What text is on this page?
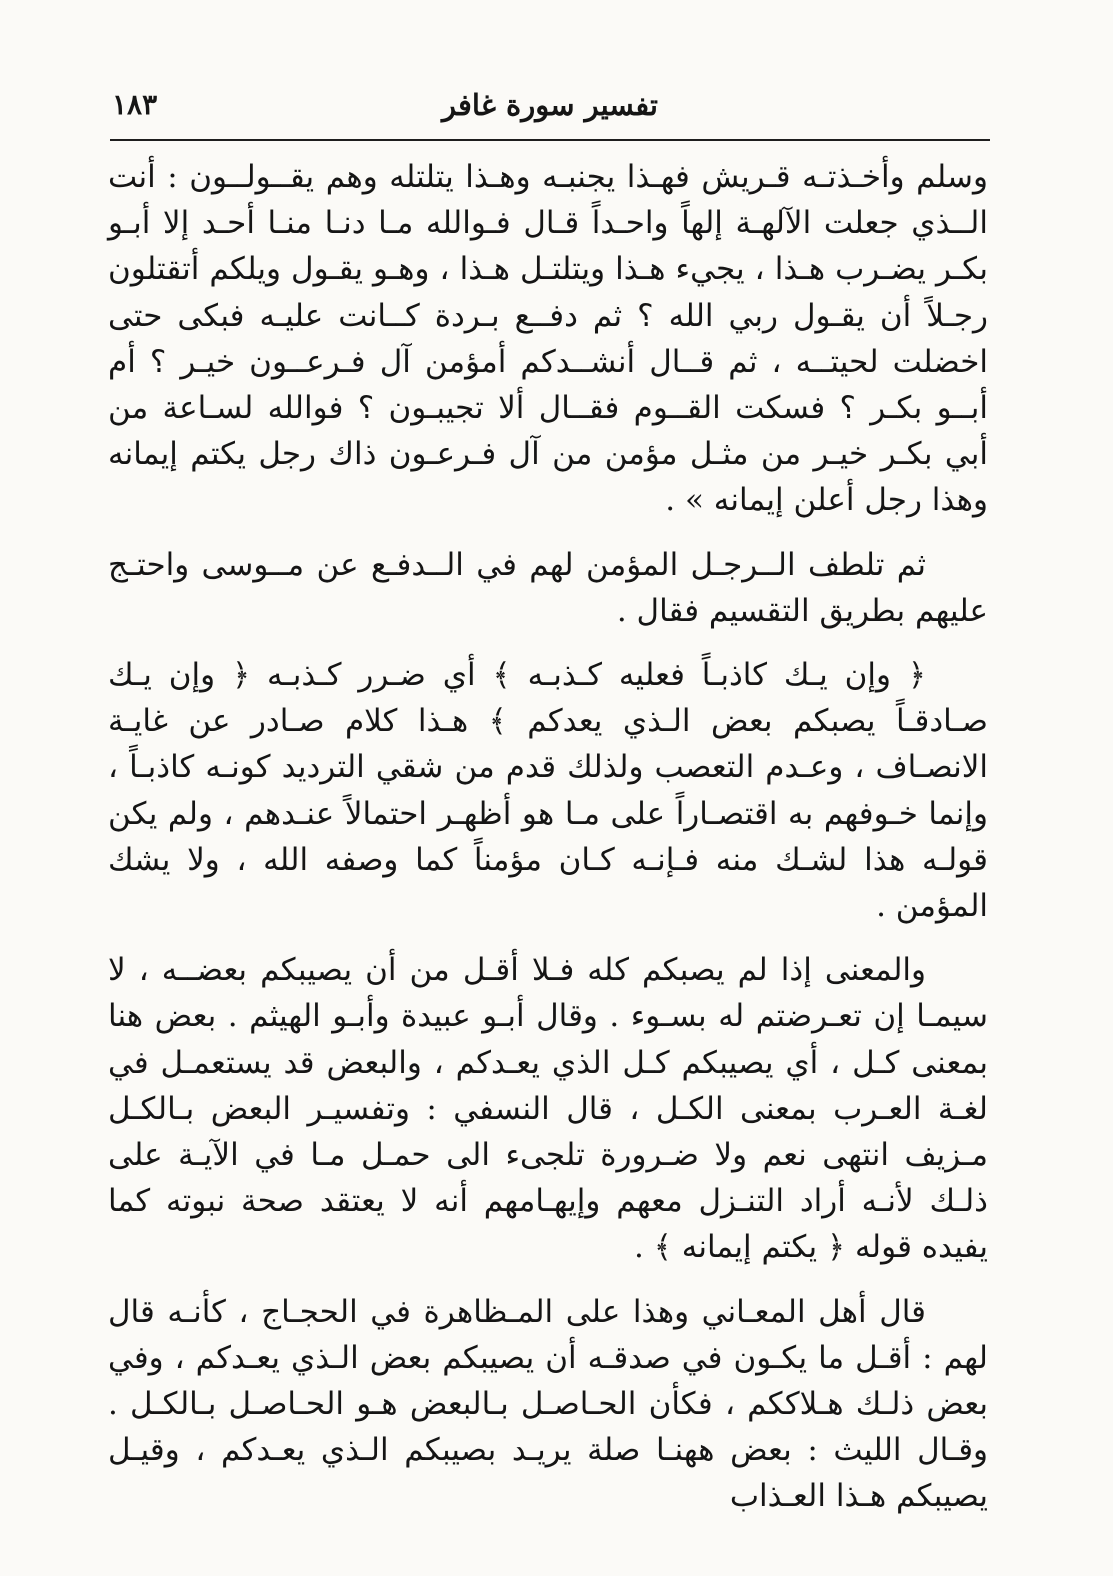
١٨٣	تفسير سورة غافر

وسلم وأخـذتـه قـريش فهـذا يجنبـه وهـذا يتلتله وهم يقــولــون : أنت الــذي جعلت الآلهـة إلهاً واحـداً قـال فـوالله مـا دنـا منـا أحـد إلا أبـو بكـر يضـرب هـذا ، يجيء هـذا ويتلتـل هـذا ، وهـو يقـول ويلكم أتقتلون رجـلاً أن يقـول ربي الله ؟ ثم دفــع بـردة كــانت عليـه فبكى حتى اخضلت لحيتــه ، ثم قــال أنشــدكم أمؤمن آل فـرعــون خيـر ؟ أم أبــو بكـر ؟ فسكت القــوم فقــال ألا تجيبـون ؟ فوالله لسـاعة من أبي بكـر خيـر من مثـل مؤمن من آل فـرعـون ذاك رجل يكتم إيمانه وهذا رجل أعلن إيمانه » .

ثم تلطف الــرجـل المؤمن لهم في الــدفـع عن مــوسى واحتـج عليهم بطريق التقسيم فقال .

﴿ وإن يـك كاذبـاً فعليه كـذبـه ﴾ أي ضـرر كـذبـه ﴿ وإن يـك صـادقـاً يصبكم بعض الـذي يعدكم ﴾ هـذا كلام صـادر عن غايـة الانصـاف ، وعـدم التعصب ولذلك قدم من شقي الترديد كونـه كاذبـاً ، وإنما خـوفهم به اقتصـاراً على مـا هو أظهـر احتمالاً عنـدهم ، ولم يكن قولـه هذا لشـك منه فـإنـه كـان مؤمناً كما وصفه الله ، ولا يشك المؤمن .

والمعنى إذا لم يصبكم كله فـلا أقـل من أن يصيبكم بعضــه ، لا سيمـا إن تعـرضتم له بسـوء . وقال أبـو عبيدة وأبـو الهيثم . بعض هنا بمعنى كـل ، أي يصيبكم كـل الذي يعـدكم ، والبعض قد يستعمـل في لغـة العـرب بمعنى الكـل ، قال النسفي : وتفسيـر البعض بـالكـل مـزيف انتهى نعم ولا ضـرورة تلجىء الى حمـل مـا في الآيـة على ذلـك لأنـه أراد التنـزل معهم وإيهـامهم أنه لا يعتقد صحة نبوته كما يفيده قوله ﴿ يكتم إيمانه ﴾ .

قال أهل المعـاني وهذا على المـظاهرة في الحجـاج ، كأنـه قال لهم : أقـل ما يكـون في صدقـه أن يصيبكم بعض الـذي يعـدكم ، وفي بعض ذلـك هـلاككم ، فكأن الحـاصـل بـالبعض هـو الحـاصـل بـالكـل . وقـال الليث : بعض ههنـا صلة يريـد بصيبكم الـذي يعـدكم ، وقيـل يصيبكم هـذا العـذاب
